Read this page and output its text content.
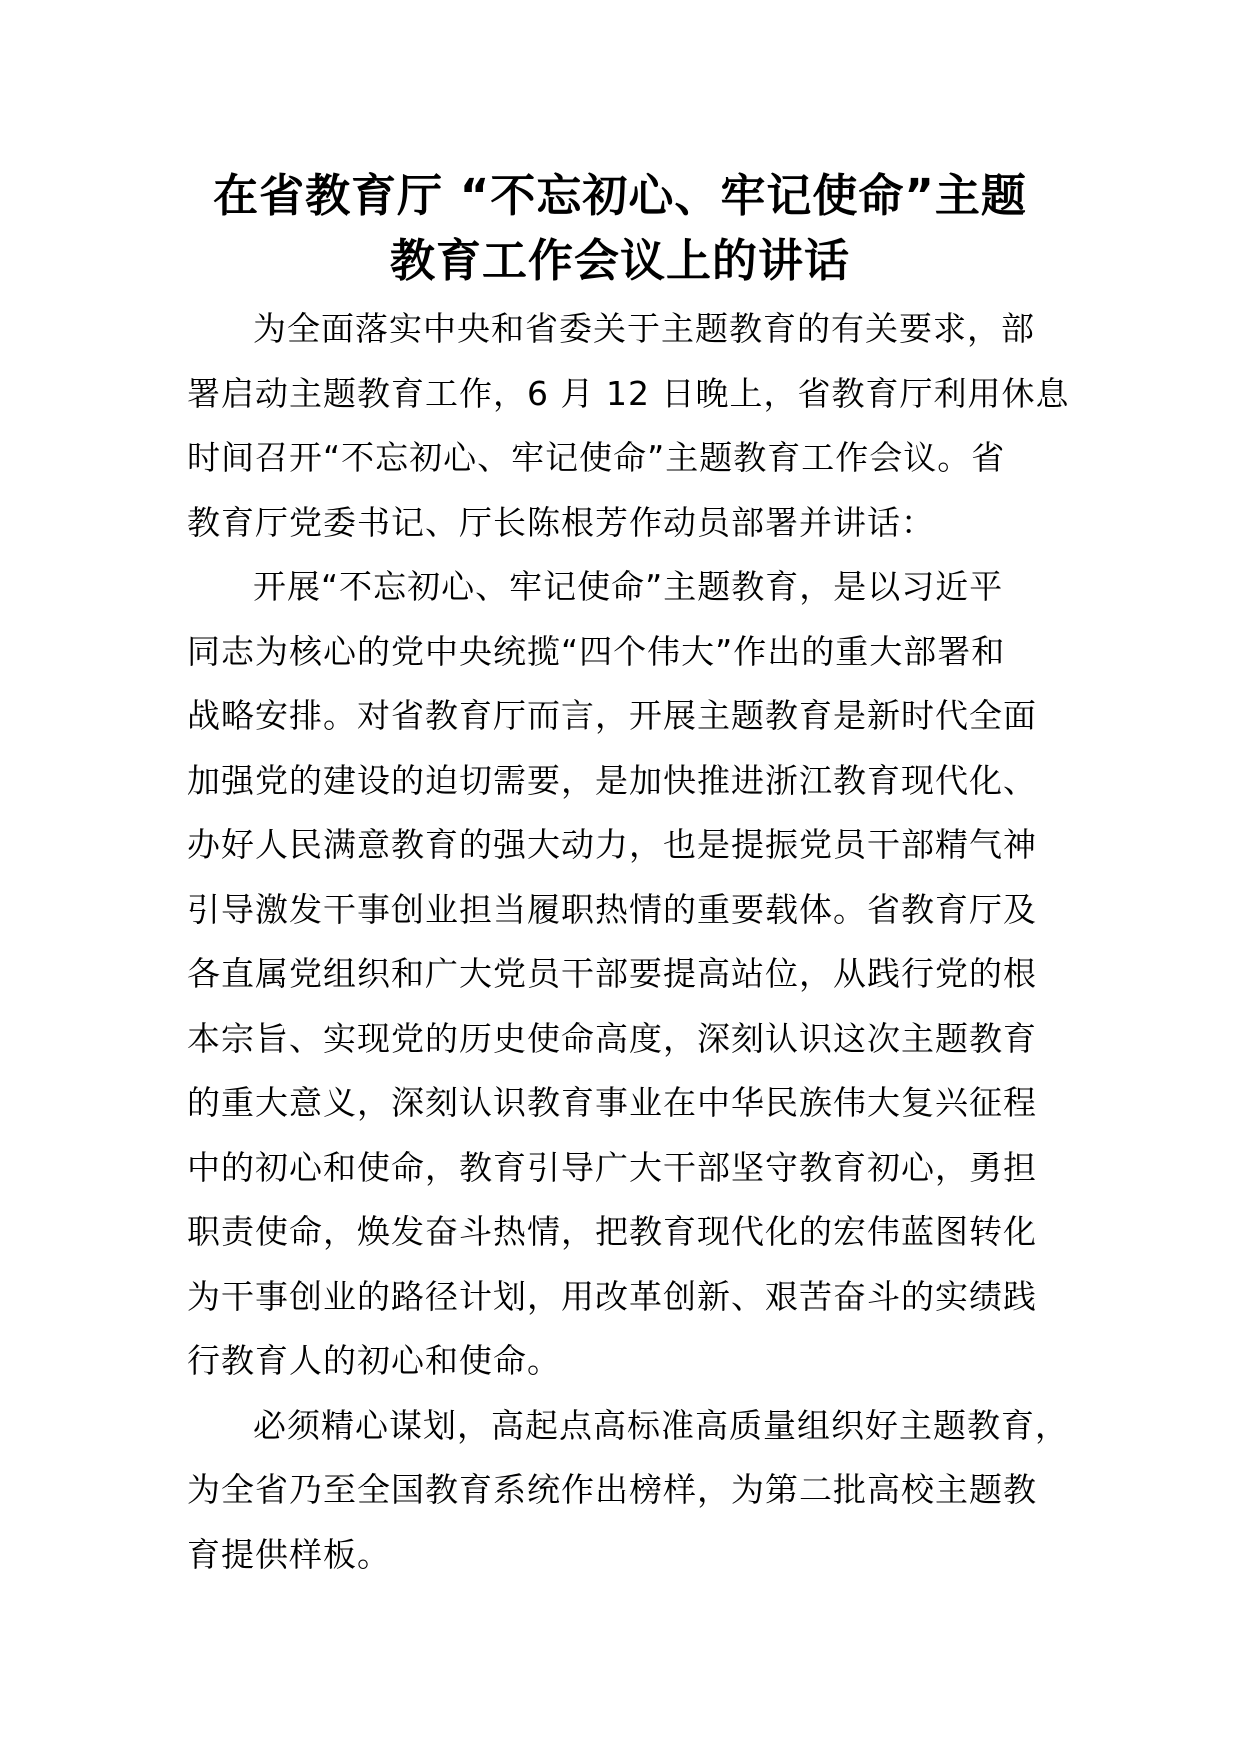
在省教育厅 “不忘初心、牢记使命”主题
教育工作会议上的讲话
为全面落实中央和省委关于主题教育的有关要求，部
署启动主题教育工作，6 月 12 日晚上，省教育厅利用休息
时间召开“不忘初心、牢记使命”主题教育工作会议。省
教育厅党委书记、厅长陈根芳作动员部署并讲话：
开展“不忘初心、牢记使命”主题教育，是以习近平
同志为核心的党中央统揽“四个伟大”作出的重大部署和
战略安排。对省教育厅而言，开展主题教育是新时代全面
加强党的建设的迫切需要，是加快推进浙江教育现代化、
办好人民满意教育的强大动力，也是提振党员干部精气神
引导激发干事创业担当履职热情的重要载体。省教育厅及
各直属党组织和广大党员干部要提高站位，从践行党的根
本宗旨、实现党的历史使命高度，深刻认识这次主题教育
的重大意义，深刻认识教育事业在中华民族伟大复兴征程
中的初心和使命，教育引导广大干部坚守教育初心，勇担
职责使命，焕发奋斗热情，把教育现代化的宏伟蓝图转化
为干事创业的路径计划，用改革创新、艰苦奋斗的实绩践
行教育人的初心和使命。
必须精心谋划，高起点高标准高质量组织好主题教育，
为全省乃至全国教育系统作出榜样，为第二批高校主题教
育提供样板。
